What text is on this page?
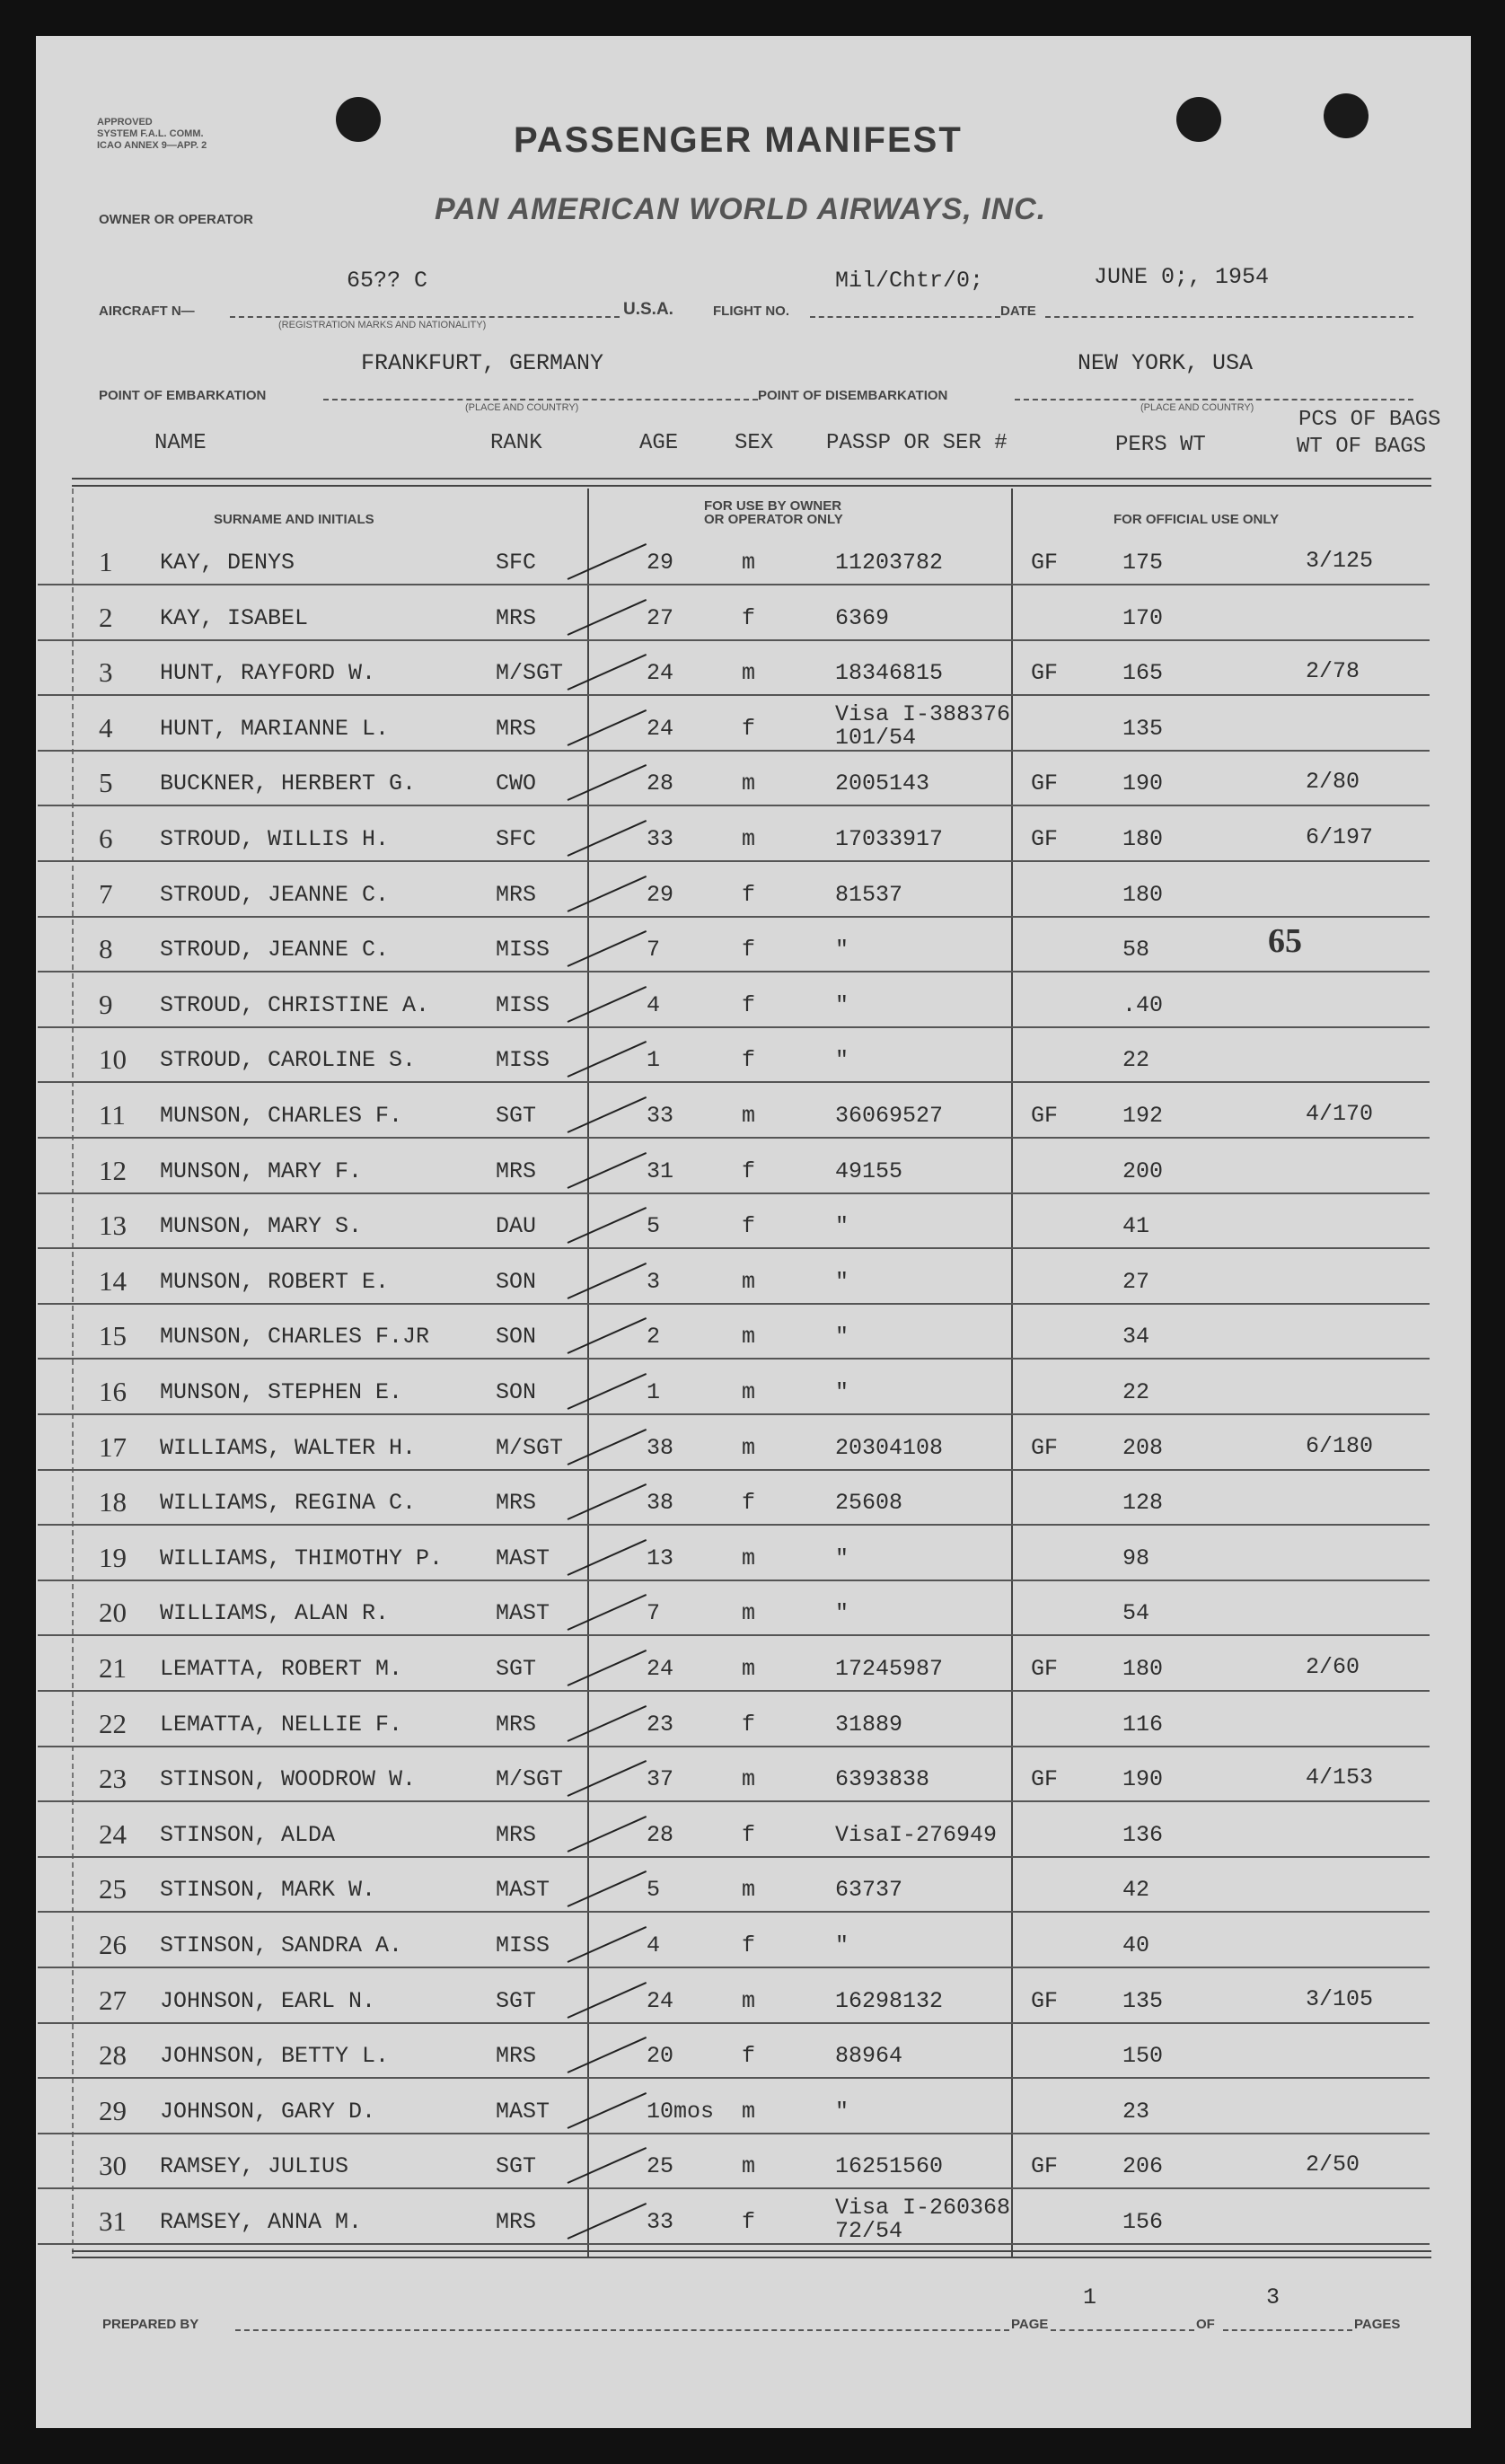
APPROVED
SYSTEM F.A.L. COMM.
ICAO ANNEX 9—APP. 2	PASSENGER MANIFEST
OWNER OR OPERATOR	PAN AMERICAN WORLD AIRWAYS, INC.
AIRCRAFT N—
65?? C
(REGISTRATION MARKS AND NATIONALITY)
U.S.A.	FLIGHT NO.
Mil/Chtr/0;
DATE
JUNE 0;, 1954
POINT OF EMBARKATION
FRANKFURT, GERMANY
(PLACE AND COUNTRY)
POINT OF DISEMBARKATION
NEW YORK, USA
(PLACE AND COUNTRY)
NAME	RANK	AGE	SEX PASSP OR SER #	PERS WT
PCS OF BAGS
WT OF BAGS
SURNAME AND INITIALS
FOR USE BY OWNER
OR OPERATOR ONLY	FOR OFFICIAL USE ONLY
1 KAY, DENYS	SFC	29	m	11203782	GF	175	3/125
2 KAY, ISABEL	MRS	27	f	6369	170
3 HUNT, RAYFORD W.	M/SGT	24	m	18346815	GF	165	2/78
4 HUNT, MARIANNE L.	MRS	24	f
Visa I-388376
101/54	135
5 BUCKNER, HERBERT G.	CWO	28	m	2005143	GF	190	2/80
6 STROUD, WILLIS H.	SFC	33	m	17033917	GF	180	6/197
7 STROUD, JEANNE C.	MRS	29	f	81537	180
8 STROUD, JEANNE C.	MISS	7	f	"	58
9 STROUD, CHRISTINE A.	MISS	4	f	"	.40
10 STROUD, CAROLINE S.	MISS	1	f	"	22
11 MUNSON, CHARLES F.	SGT	33	m	36069527	GF	192	4/170
12 MUNSON, MARY F.	MRS	31	f	49155	200
13 MUNSON, MARY S.	DAU	5	f	"	41
14 MUNSON, ROBERT E.	SON	3	m	"	27
15 MUNSON, CHARLES F.JR	SON	2	m	"	34
16 MUNSON, STEPHEN E.	SON	1	m	"	22
17 WILLIAMS, WALTER H.	M/SGT	38	m	20304108	GF	208	6/180
18 WILLIAMS, REGINA C.	MRS	38	f	25608	128
19 WILLIAMS, THIMOTHY P. MAST	13	m	"	98
20 WILLIAMS, ALAN R.	MAST	7	m	"	54
21 LEMATTA, ROBERT M.	SGT	24	m	17245987	GF	180	2/60
22 LEMATTA, NELLIE F.	MRS	23	f	31889	116
23 STINSON, WOODROW W.	M/SGT	37	m	6393838	GF	190	4/153
24 STINSON, ALDA	MRS	28	f	VisaI-276949	136
25 STINSON, MARK W.	MAST	5	m	63737	42
26 STINSON, SANDRA A.	MISS	4	f	"	40
27 JOHNSON, EARL N.	SGT	24	m	16298132	GF	135	3/105
28 JOHNSON, BETTY L.	MRS	20	f	88964	150
29 JOHNSON, GARY D.	MAST	10mos m	"	23
30 RAMSEY, JULIUS	SGT	25	m	16251560	GF	206	2/50
31 RAMSEY, ANNA M.	MRS	33	f
Visa I-260368
72/54	156
65
PREPARED BY	PAGE
1
OF
3
PAGES
